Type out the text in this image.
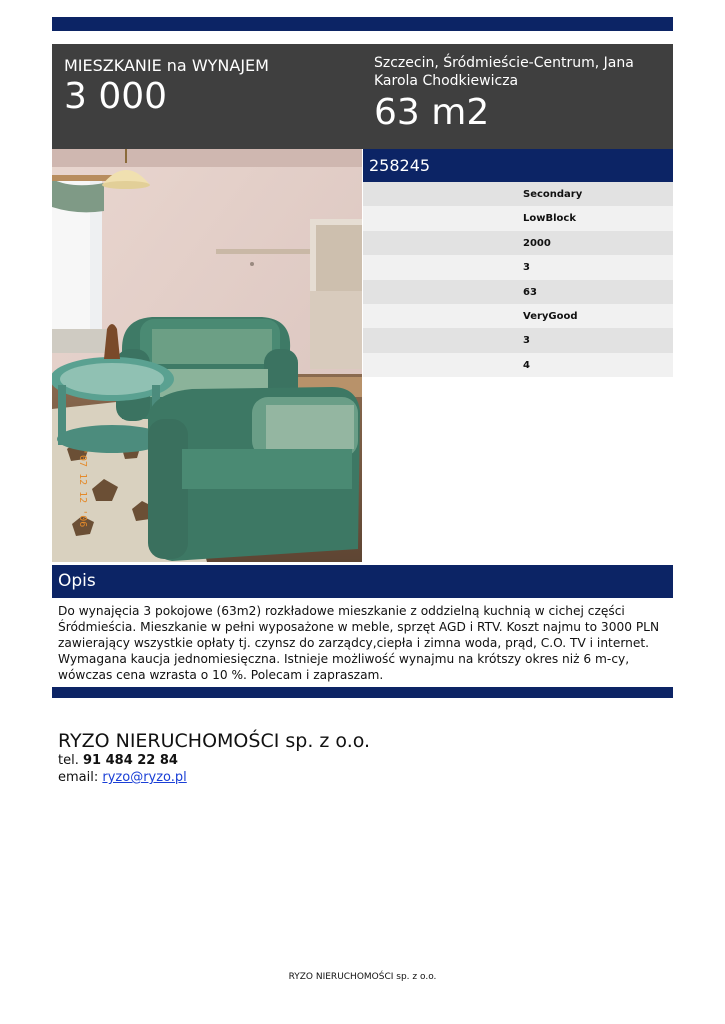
MIESZKANIE na WYNAJEM
3 000
Szczecin, Śródmieście-Centrum, Jana Karola Chodkiewicza
63 m2
'07 12 12 '06
258245
Secondary
LowBlock
2000
3
63
VeryGood
3
4
Opis
Do wynajęcia 3 pokojowe (63m2) rozkładowe mieszkanie z oddzielną kuchnią w cichej części Śródmieścia. Mieszkanie w pełni wyposażone w meble, sprzęt AGD i RTV. Koszt najmu to 3000 PLN zawierający wszystkie opłaty tj. czynsz do zarządcy,ciepła i zimna woda, prąd, C.O. TV i internet. Wymagana kaucja jednomiesięczna. Istnieje możliwość wynajmu na krótszy okres niż 6 m-cy, wówczas cena wzrasta o 10 %. Polecam i zapraszam.
RYZO NIERUCHOMOŚCI sp. z o.o.
tel. 91 484 22 84
email: ryzo@ryzo.pl
RYZO NIERUCHOMOŚCI sp. z o.o.
